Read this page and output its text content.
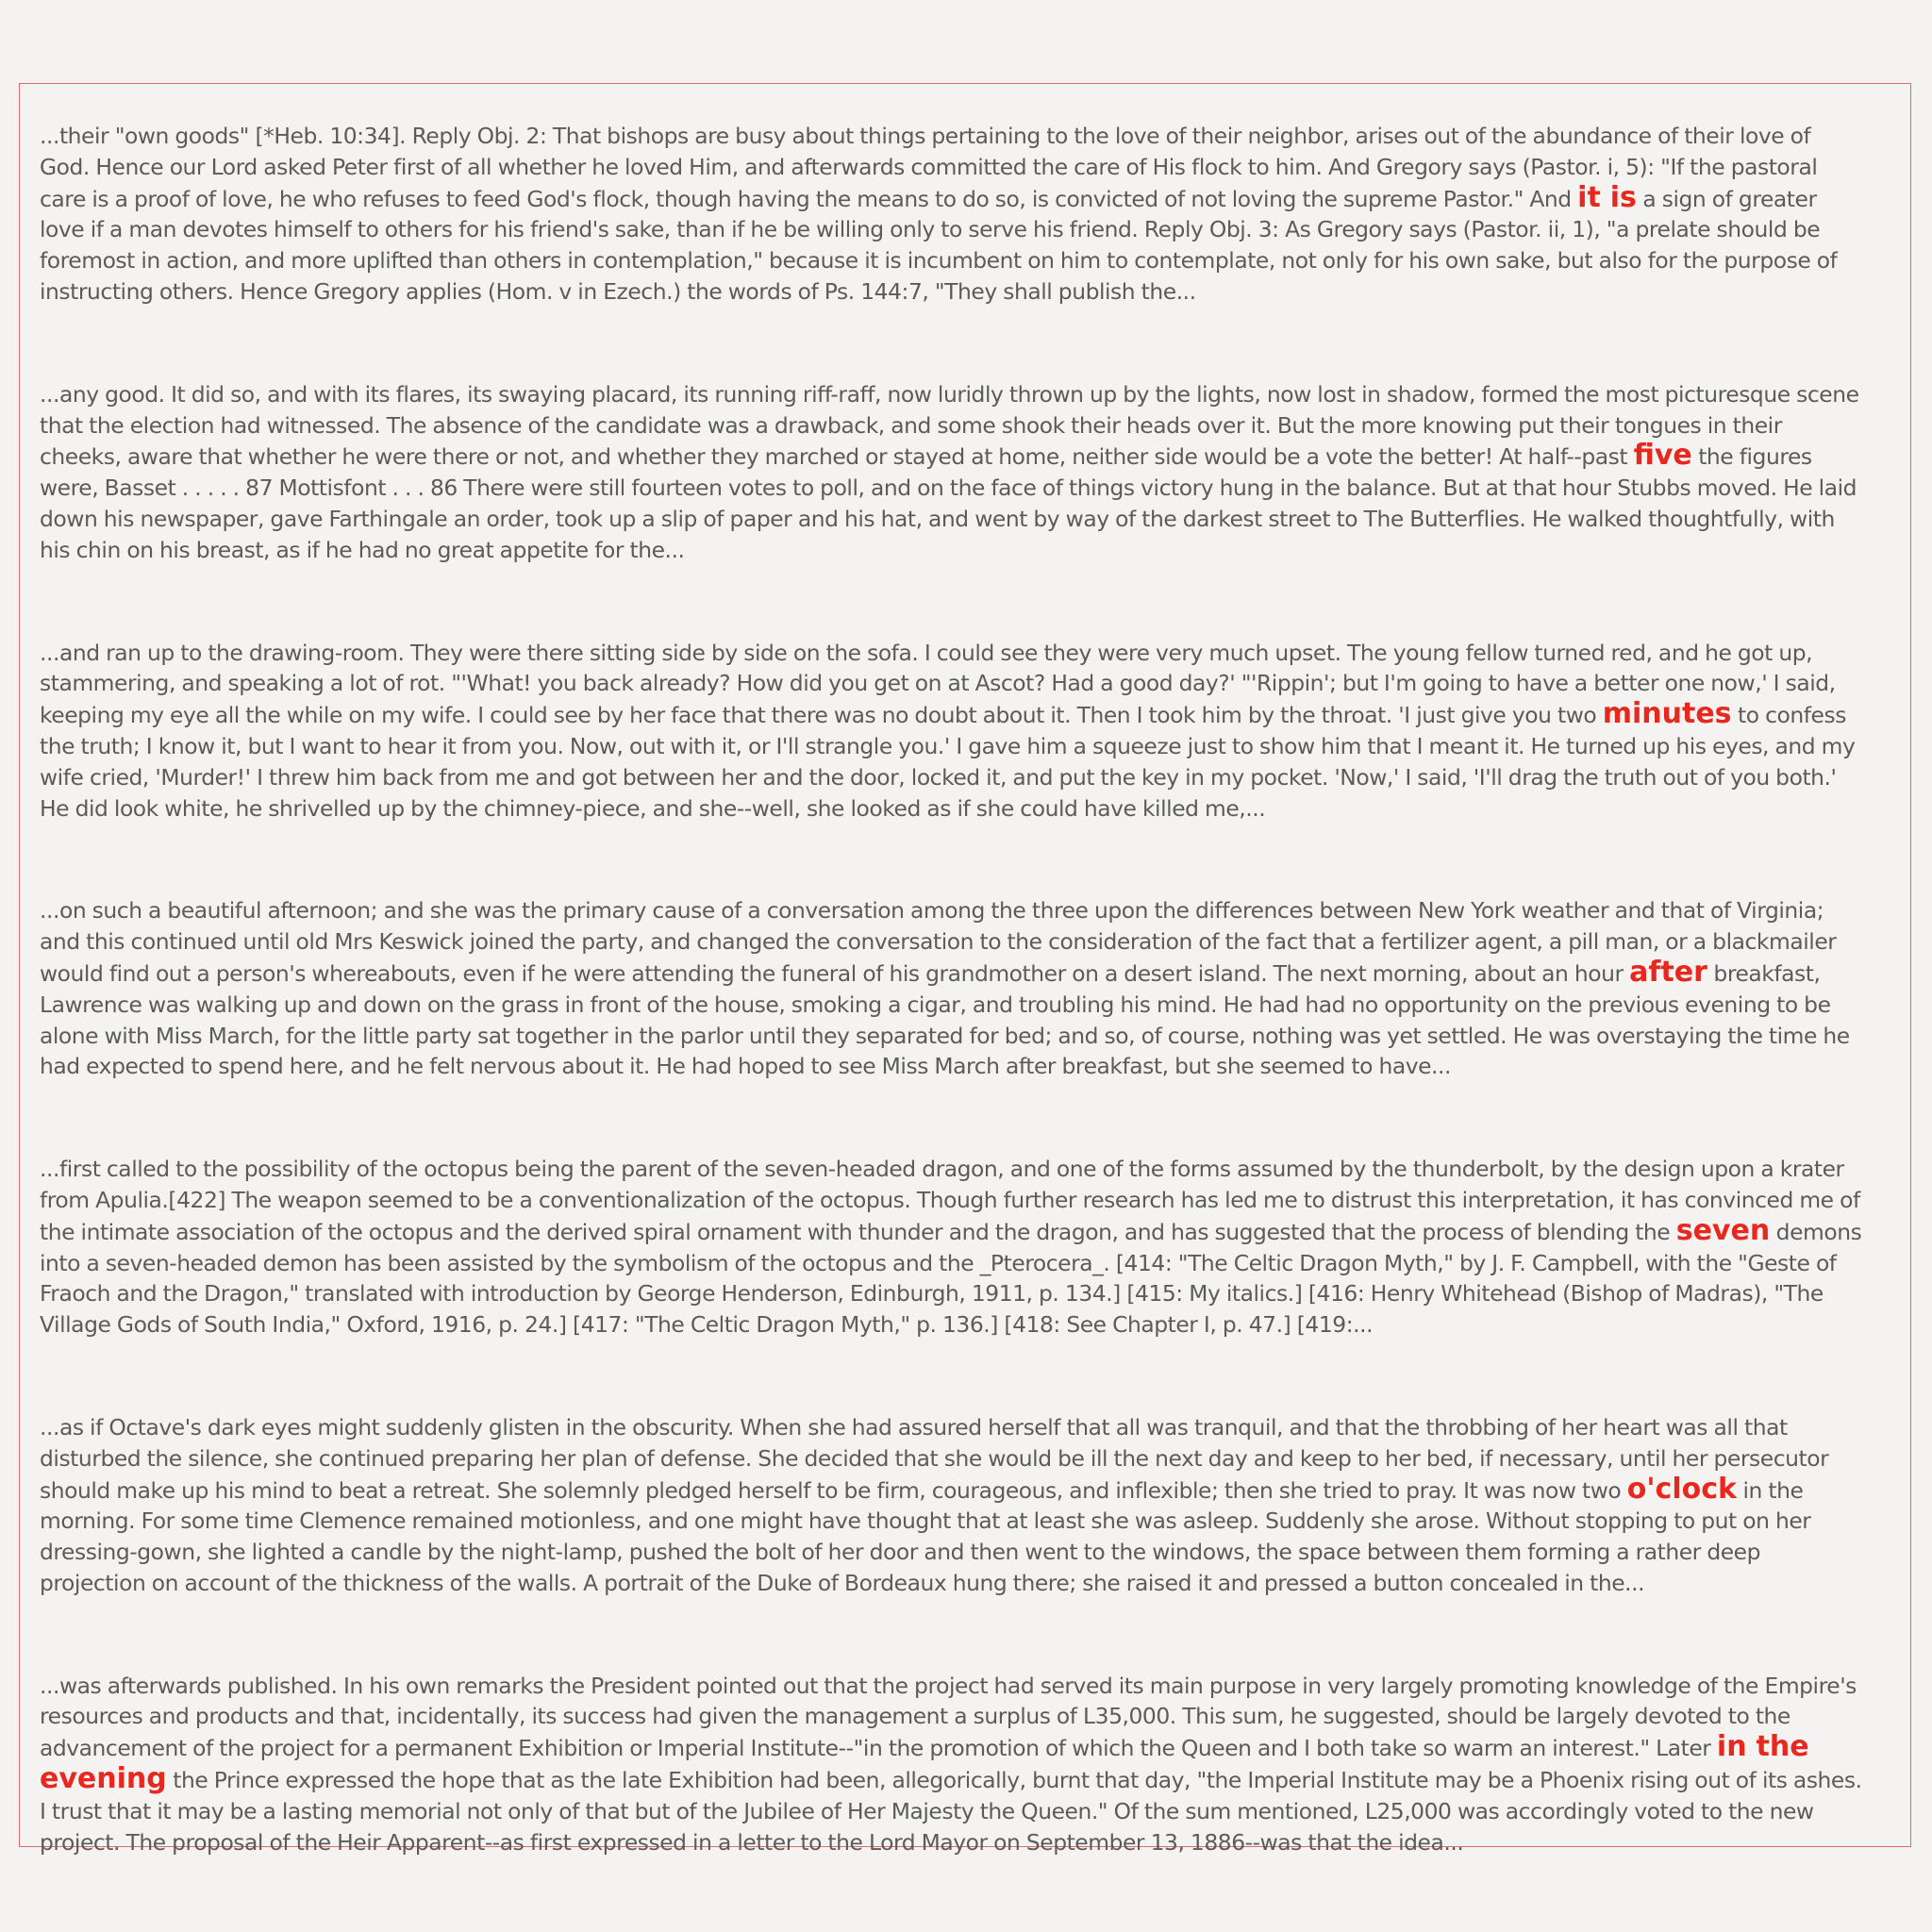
...their "own goods" [*Heb. 10:34]. Reply Obj. 2: That bishops are busy about things pertaining to the love of their neighbor, arises out of the abundance of their love of God. Hence our Lord asked Peter first of all whether he loved Him, and afterwards committed the care of His flock to him. And Gregory says (Pastor. i, 5): "If the pastoral care is a proof of love, he who refuses to feed God's flock, though having the means to do so, is convicted of not loving the supreme Pastor." And it is a sign of greater love if a man devotes himself to others for his friend's sake, than if he be willing only to serve his friend. Reply Obj. 3: As Gregory says (Pastor. ii, 1), "a prelate should be foremost in action, and more uplifted than others in contemplation," because it is incumbent on him to contemplate, not only for his own sake, but also for the purpose of instructing others. Hence Gregory applies (Hom. v in Ezech.) the words of Ps. 144:7, "They shall publish the...

...any good. It did so, and with its flares, its swaying placard, its running riff-raff, now luridly thrown up by the lights, now lost in shadow, formed the most picturesque scene that the election had witnessed. The absence of the candidate was a drawback, and some shook their heads over it. But the more knowing put their tongues in their cheeks, aware that whether he were there or not, and whether they marched or stayed at home, neither side would be a vote the better! At half--past five the figures were, Basset . . . . . 87 Mottisfont . . . 86 There were still fourteen votes to poll, and on the face of things victory hung in the balance. But at that hour Stubbs moved. He laid down his newspaper, gave Farthingale an order, took up a slip of paper and his hat, and went by way of the darkest street to The Butterflies. He walked thoughtfully, with his chin on his breast, as if he had no great appetite for the...

...and ran up to the drawing-room. They were there sitting side by side on the sofa. I could see they were very much upset. The young fellow turned red, and he got up, stammering, and speaking a lot of rot. "'What! you back already? How did you get on at Ascot? Had a good day?' "'Rippin'; but I'm going to have a better one now,' I said, keeping my eye all the while on my wife. I could see by her face that there was no doubt about it. Then I took him by the throat. 'I just give you two minutes to confess the truth; I know it, but I want to hear it from you. Now, out with it, or I'll strangle you.' I gave him a squeeze just to show him that I meant it. He turned up his eyes, and my wife cried, 'Murder!' I threw him back from me and got between her and the door, locked it, and put the key in my pocket. 'Now,' I said, 'I'll drag the truth out of you both.' He did look white, he shrivelled up by the chimney-piece, and she--well, she looked as if she could have killed me,...

...on such a beautiful afternoon; and she was the primary cause of a conversation among the three upon the differences between New York weather and that of Virginia; and this continued until old Mrs Keswick joined the party, and changed the conversation to the consideration of the fact that a fertilizer agent, a pill man, or a blackmailer would find out a person's whereabouts, even if he were attending the funeral of his grandmother on a desert island. The next morning, about an hour after breakfast, Lawrence was walking up and down on the grass in front of the house, smoking a cigar, and troubling his mind. He had had no opportunity on the previous evening to be alone with Miss March, for the little party sat together in the parlor until they separated for bed; and so, of course, nothing was yet settled. He was overstaying the time he had expected to spend here, and he felt nervous about it. He had hoped to see Miss March after breakfast, but she seemed to have...

...first called to the possibility of the octopus being the parent of the seven-headed dragon, and one of the forms assumed by the thunderbolt, by the design upon a krater from Apulia.[422] The weapon seemed to be a conventionalization of the octopus. Though further research has led me to distrust this interpretation, it has convinced me of the intimate association of the octopus and the derived spiral ornament with thunder and the dragon, and has suggested that the process of blending the seven demons into a seven-headed demon has been assisted by the symbolism of the octopus and the _Pterocera_. [414: "The Celtic Dragon Myth," by J. F. Campbell, with the "Geste of Fraoch and the Dragon," translated with introduction by George Henderson, Edinburgh, 1911, p. 134.] [415: My italics.] [416: Henry Whitehead (Bishop of Madras), "The Village Gods of South India," Oxford, 1916, p. 24.] [417: "The Celtic Dragon Myth," p. 136.] [418: See Chapter I, p. 47.] [419:...

...as if Octave's dark eyes might suddenly glisten in the obscurity. When she had assured herself that all was tranquil, and that the throbbing of her heart was all that disturbed the silence, she continued preparing her plan of defense. She decided that she would be ill the next day and keep to her bed, if necessary, until her persecutor should make up his mind to beat a retreat. She solemnly pledged herself to be firm, courageous, and inflexible; then she tried to pray. It was now two o'clock in the morning. For some time Clemence remained motionless, and one might have thought that at least she was asleep. Suddenly she arose. Without stopping to put on her dressing-gown, she lighted a candle by the night-lamp, pushed the bolt of her door and then went to the windows, the space between them forming a rather deep projection on account of the thickness of the walls. A portrait of the Duke of Bordeaux hung there; she raised it and pressed a button concealed in the...

...was afterwards published. In his own remarks the President pointed out that the project had served its main purpose in very largely promoting knowledge of the Empire's resources and products and that, incidentally, its success had given the management a surplus of L35,000. This sum, he suggested, should be largely devoted to the advancement of the project for a permanent Exhibition or Imperial Institute--"in the promotion of which the Queen and I both take so warm an interest." Later in the evening the Prince expressed the hope that as the late Exhibition had been, allegorically, burnt that day, "the Imperial Institute may be a Phoenix rising out of its ashes. I trust that it may be a lasting memorial not only of that but of the Jubilee of Her Majesty the Queen." Of the sum mentioned, L25,000 was accordingly voted to the new project. The proposal of the Heir Apparent--as first expressed in a letter to the Lord Mayor on September 13, 1886--was that the idea...
